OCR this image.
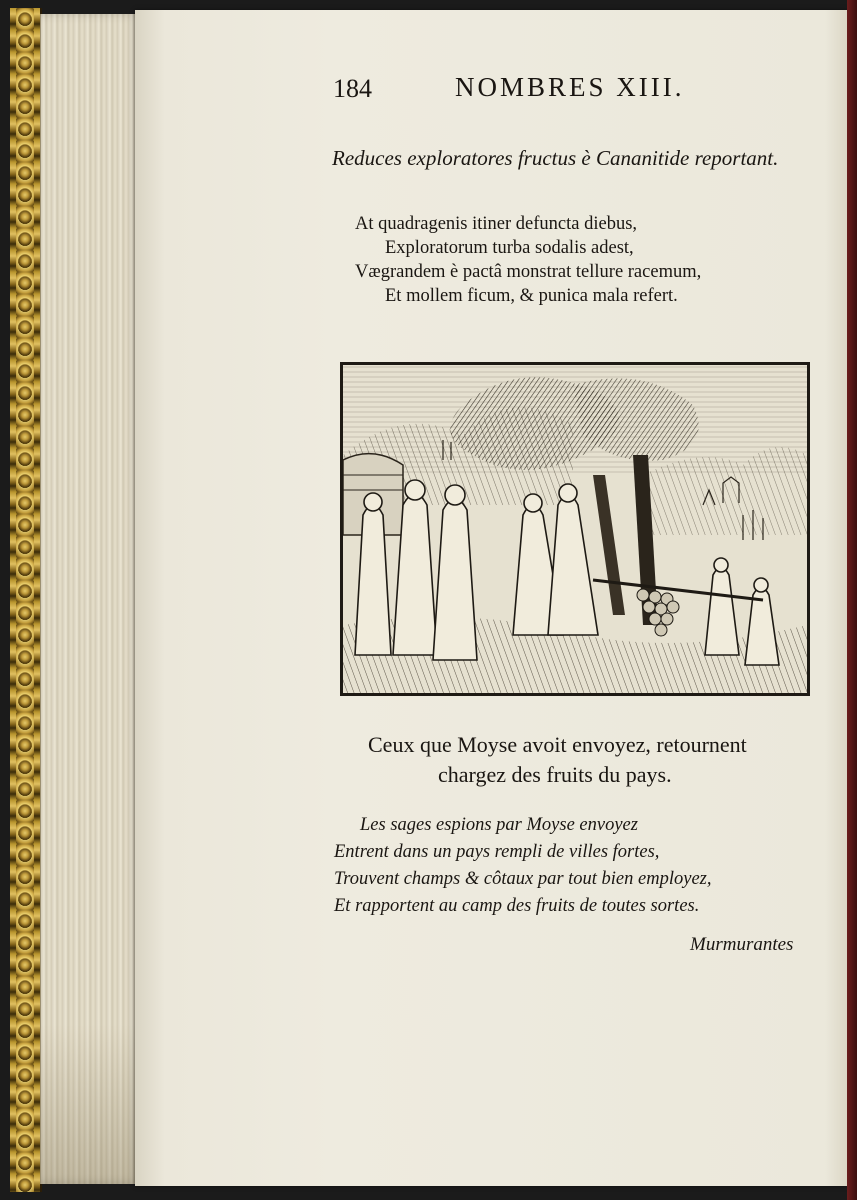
184	NOMBRES XIII.
Reduces exploratores fructus è Cananitide reportant.
At quadragenis itiner defuncta diebus,
Exploratorum turba sodalis adest,
Vægrandem è pactâ monstrat tellure racemum,
Et mollem ficum, & punica mala refert.
Ceux que Moyse avoit envoyez, retournent
chargez des fruits du pays.
Les sages espions par Moyse envoyez
Entrent dans un pays rempli de villes fortes,
Trouvent champs & côtaux par tout bien employez,
Et rapportent au camp des fruits de toutes sortes.
Murmurantes
